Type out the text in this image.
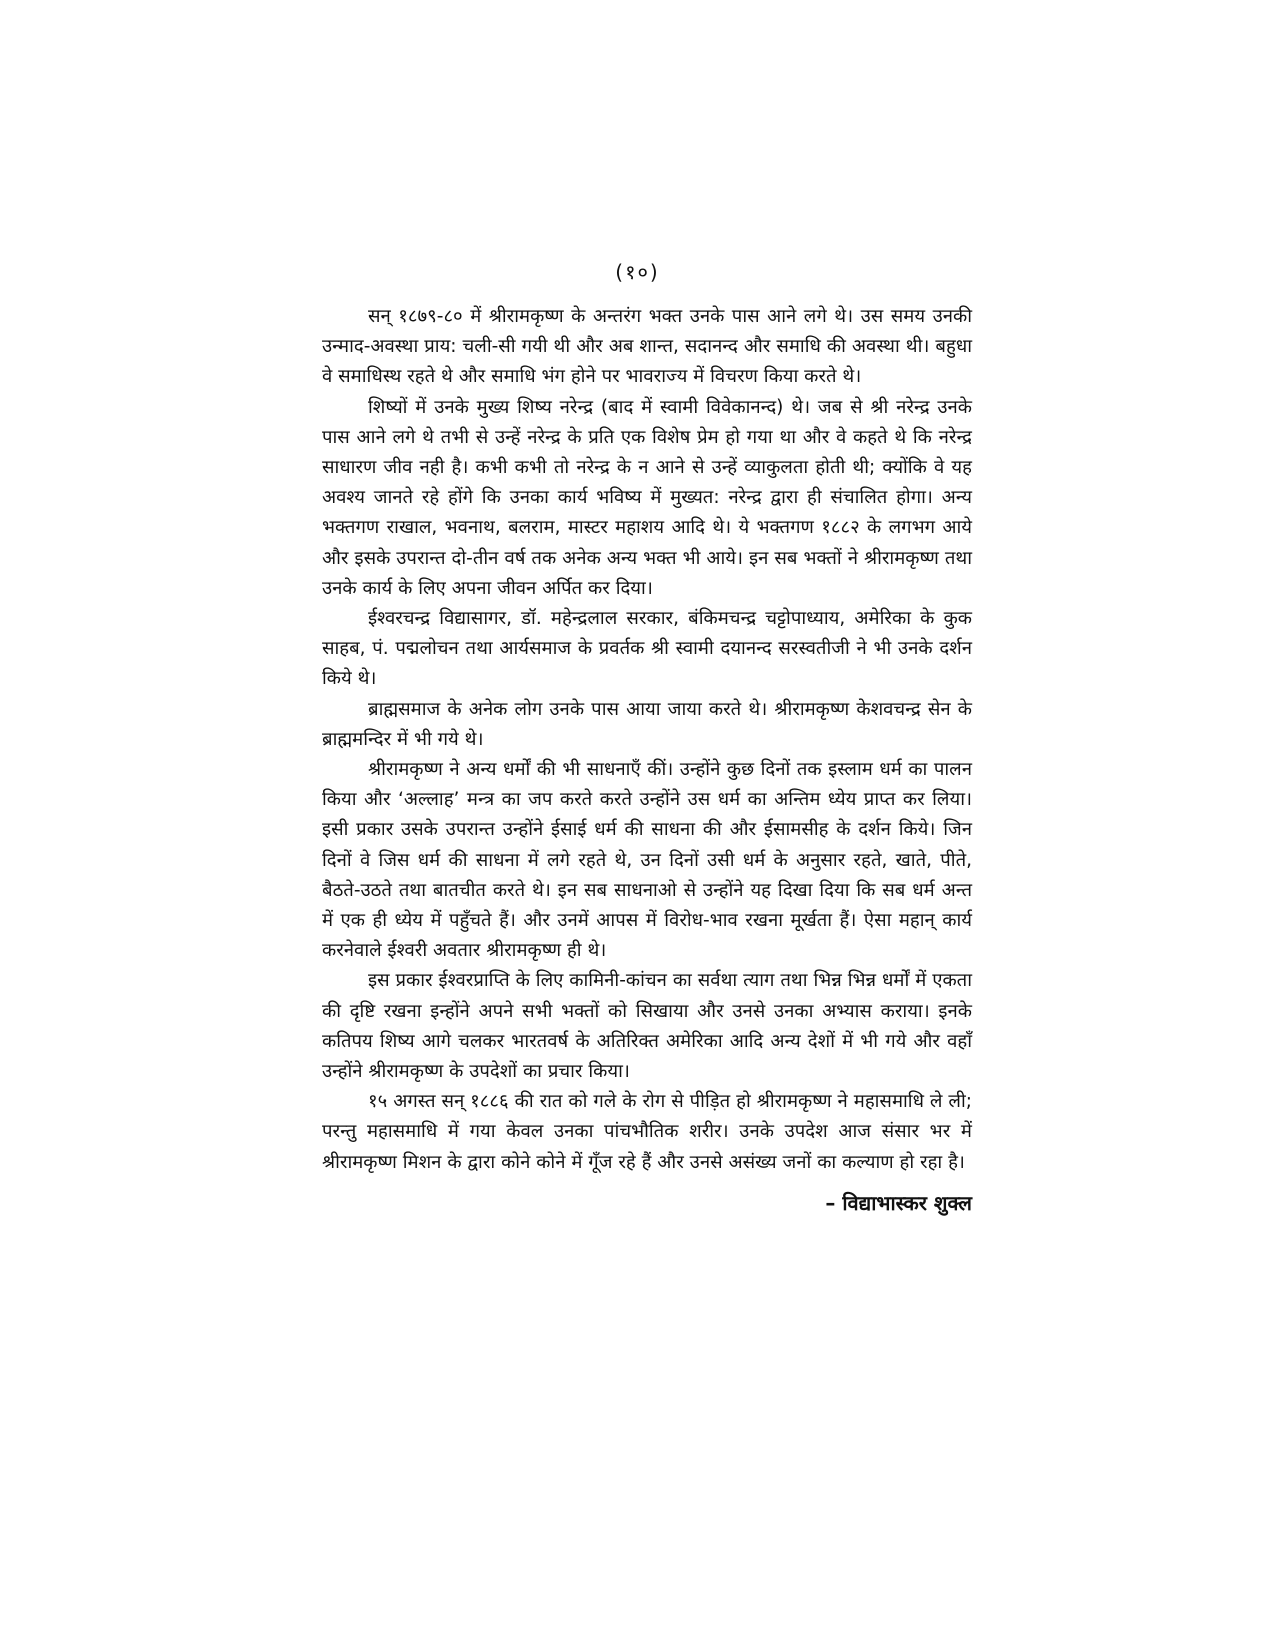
(१०)

सन् १८७९-८० में श्रीरामकृष्ण के अन्तरंग भक्त उनके पास आने लगे थे। उस समय उनकी उन्माद-अवस्था प्राय: चली-सी गयी थी और अब शान्त, सदानन्द और समाधि की अवस्था थी। बहुधा वे समाधिस्थ रहते थे और समाधि भंग होने पर भावराज्य में विचरण किया करते थे।

शिष्यों में उनके मुख्य शिष्य नरेन्द्र (बाद में स्वामी विवेकानन्द) थे। जब से श्री नरेन्द्र उनके पास आने लगे थे तभी से उन्हें नरेन्द्र के प्रति एक विशेष प्रेम हो गया था और वे कहते थे कि नरेन्द्र साधारण जीव नही है। कभी कभी तो नरेन्द्र के न आने से उन्हें व्याकुलता होती थी; क्योंकि वे यह अवश्य जानते रहे होंगे कि उनका कार्य भविष्य में मुख्यत: नरेन्द्र द्वारा ही संचालित होगा। अन्य भक्तगण राखाल, भवनाथ, बलराम, मास्टर महाशय आदि थे। ये भक्तगण १८८२ के लगभग आये और इसके उपरान्त दो-तीन वर्ष तक अनेक अन्य भक्त भी आये। इन सब भक्तों ने श्रीरामकृष्ण तथा उनके कार्य के लिए अपना जीवन अर्पित कर दिया।

ईश्वरचन्द्र विद्यासागर, डॉ. महेन्द्रलाल सरकार, बंकिमचन्द्र चट्टोपाध्याय, अमेरिका के कुक साहब, पं. पद्मलोचन तथा आर्यसमाज के प्रवर्तक श्री स्वामी दयानन्द सरस्वतीजी ने भी उनके दर्शन किये थे।

ब्राह्मसमाज के अनेक लोग उनके पास आया जाया करते थे। श्रीरामकृष्ण केशवचन्द्र सेन के ब्राह्ममन्दिर में भी गये थे।

श्रीरामकृष्ण ने अन्य धर्मों की भी साधनाएँ कीं। उन्होंने कुछ दिनों तक इस्लाम धर्म का पालन किया और ‘अल्लाह’ मन्त्र का जप करते करते उन्होंने उस धर्म का अन्तिम ध्येय प्राप्त कर लिया। इसी प्रकार उसके उपरान्त उन्होंने ईसाई धर्म की साधना की और ईसामसीह के दर्शन किये। जिन दिनों वे जिस धर्म की साधना में लगे रहते थे, उन दिनों उसी धर्म के अनुसार रहते, खाते, पीते, बैठते-उठते तथा बातचीत करते थे। इन सब साधनाओ से उन्होंने यह दिखा दिया कि सब धर्म अन्त में एक ही ध्येय में पहुँचते हैं। और उनमें आपस में विरोध-भाव रखना मूर्खता हैं। ऐसा महान् कार्य करनेवाले ईश्वरी अवतार श्रीरामकृष्ण ही थे।

इस प्रकार ईश्वरप्राप्ति के लिए कामिनी-कांचन का सर्वथा त्याग तथा भिन्न भिन्न धर्मों में एकता की दृष्टि रखना इन्होंने अपने सभी भक्तों को सिखाया और उनसे उनका अभ्यास कराया। इनके कतिपय शिष्य आगे चलकर भारतवर्ष के अतिरिक्त अमेरिका आदि अन्य देशों में भी गये और वहाँ उन्होंने श्रीरामकृष्ण के उपदेशों का प्रचार किया।

१५ अगस्त सन् १८८६ की रात को गले के रोग से पीड़ित हो श्रीरामकृष्ण ने महासमाधि ले ली; परन्तु महासमाधि में गया केवल उनका पांचभौतिक शरीर। उनके उपदेश आज संसार भर में श्रीरामकृष्ण मिशन के द्वारा कोने कोने में गूँज रहे हैं और उनसे असंख्य जनों का कल्याण हो रहा है।

– विद्याभास्कर शुक्ल
